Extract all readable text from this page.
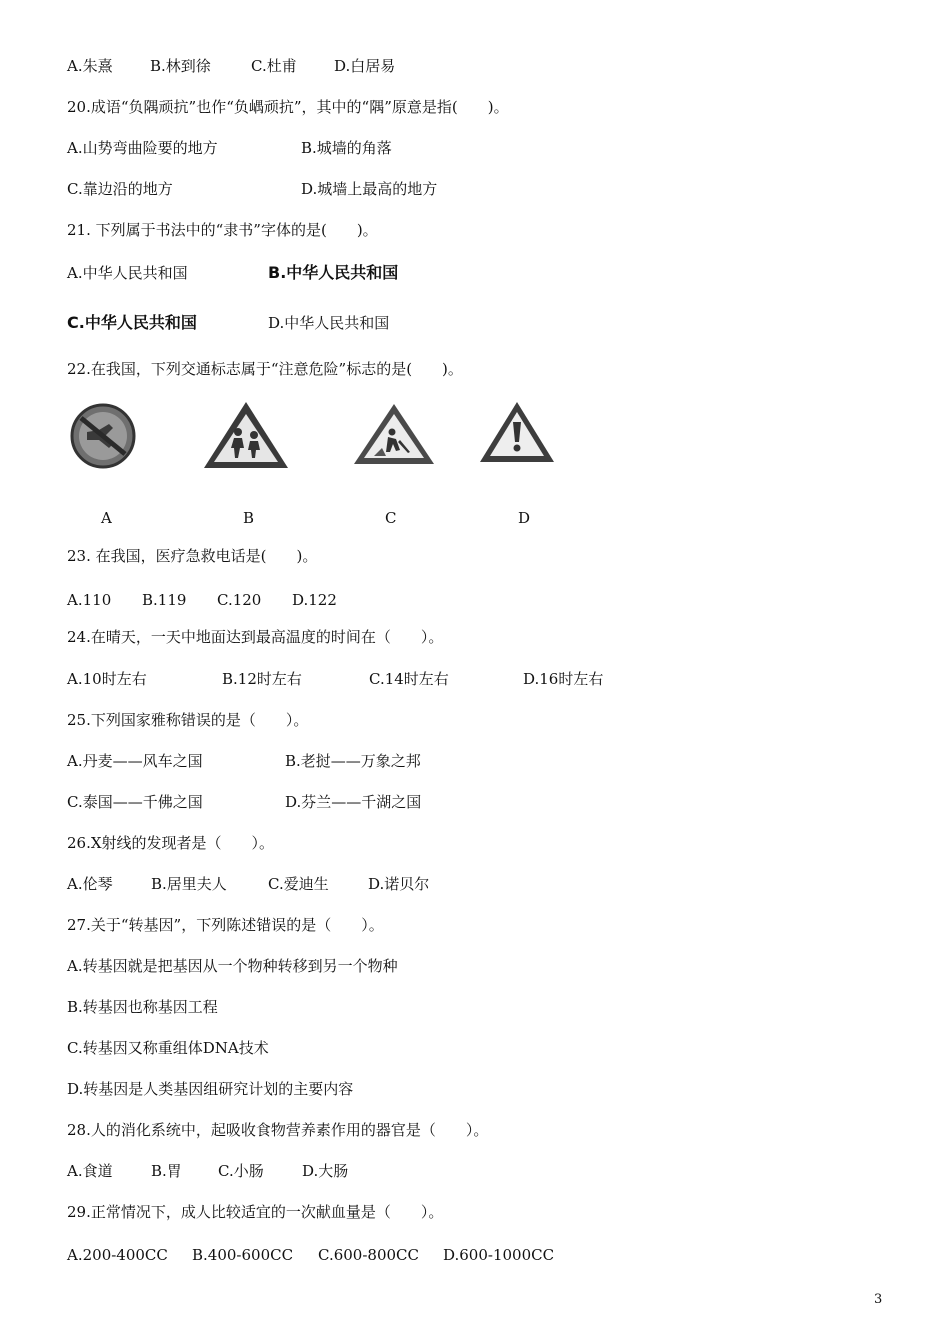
A.朱熹 B.林到徐	C.杜甫 D.白居易
20.成语“负隅顽抗”也作“负嵎顽抗”，其中的“隅”原意是指(　　)。
A.山势弯曲险要的地方	B.城墙的角落
C.靠边沿的地方	D.城墙上最高的地方
21. 下列属于书法中的“隶书”字体的是(　　)。
A.中华人民共和国	B.中华人民共和国
C.中华人民共和国	D.中华人民共和国
22.在我国，下列交通标志属于“注意危险”标志的是(　　)。
A	B	C	D
23. 在我国，医疗急救电话是(　　)。
A.110 B.119 C.120 D.122
24.在晴天，一天中地面达到最高温度的时间在（　　）。
A.10时左右	B.12时左右	C.14时左右	D.16时左右
25.下列国家雅称错误的是（　　）。
A.丹麦——风车之国	B.老挝——万象之邦
C.泰国——千佛之国	D.芬兰——千湖之国
26.X射线的发现者是（　　）。
A.伦琴	B.居里夫人	C.爱迪生	D.诺贝尔
27.关于“转基因”，下列陈述错误的是（　　）。
A.转基因就是把基因从一个物种转移到另一个物种
B.转基因也称基因工程
C.转基因又称重组体DNA技术
D.转基因是人类基因组研究计划的主要内容
28.人的消化系统中，起吸收食物营养素作用的器官是（　　）。
A.食道	B.胃 C.小肠	D.大肠
29.正常情况下，成人比较适宜的一次献血量是（　　）。
A.200-400CC B.400-600CC C.600-800CC D.600-1000CC
3
